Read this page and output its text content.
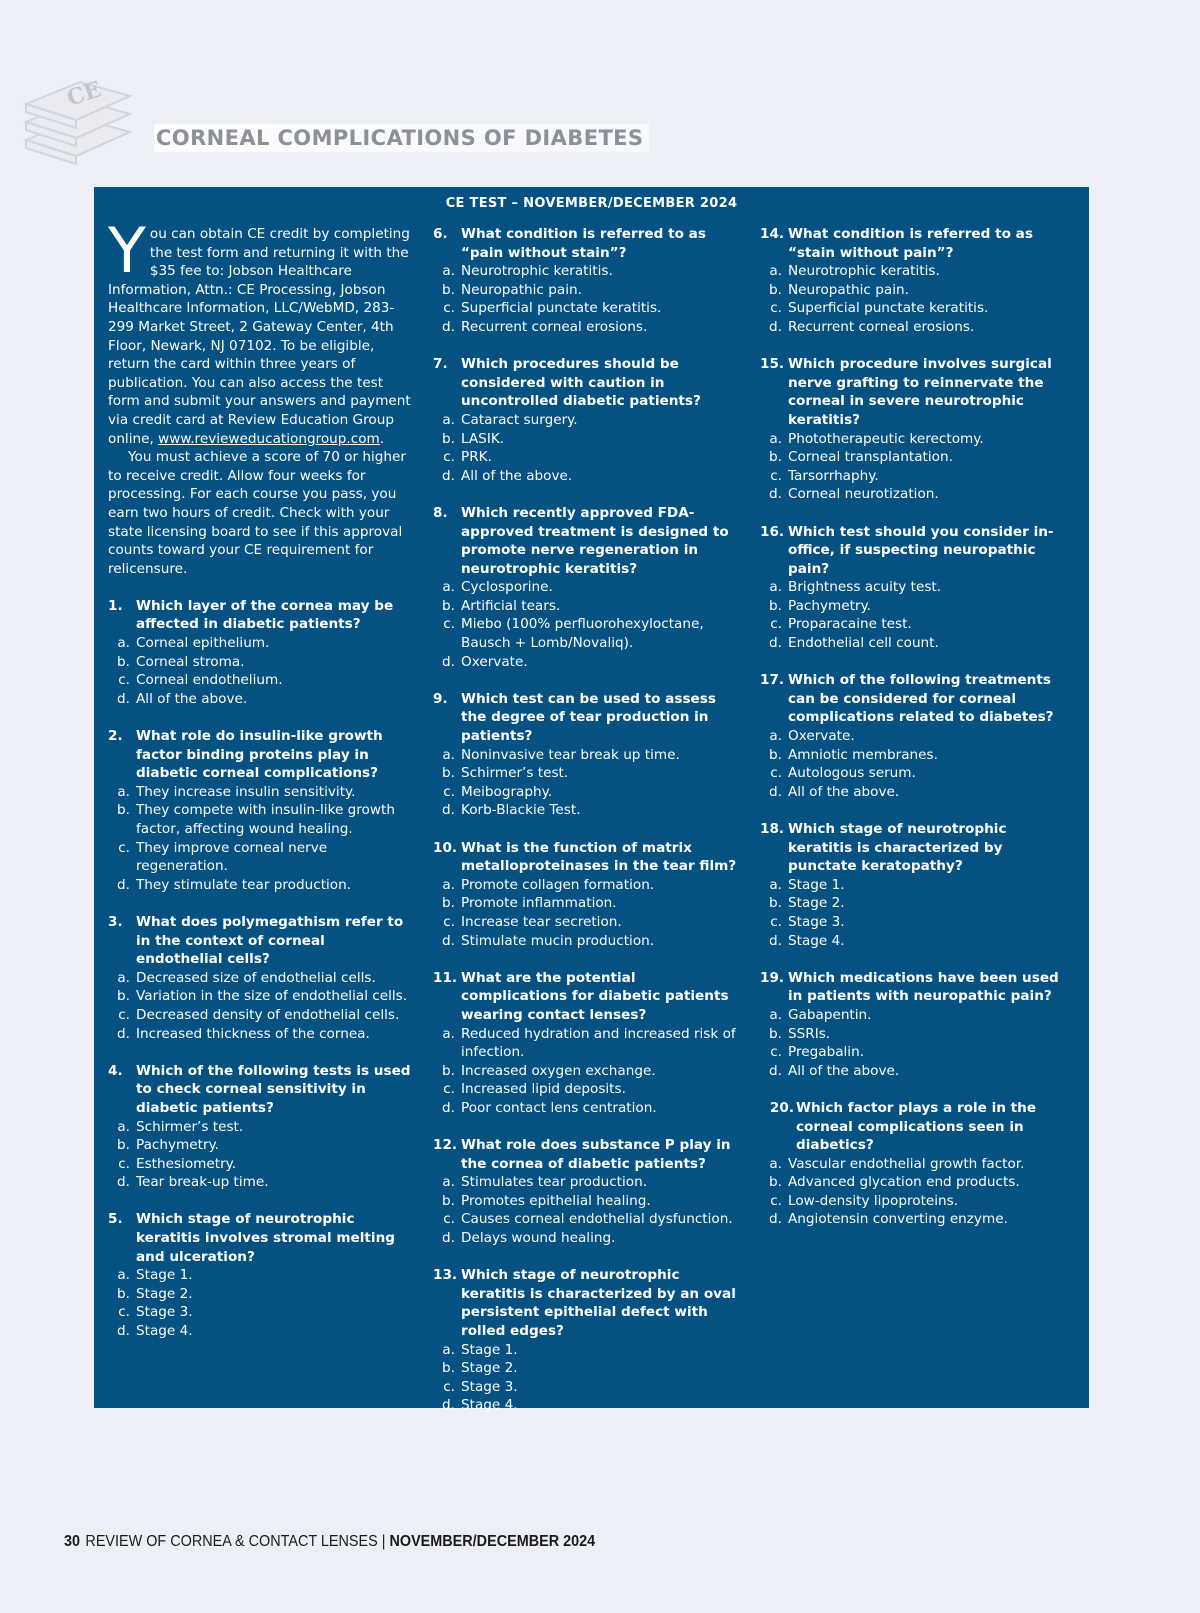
CE
CORNEAL COMPLICATIONS OF DIABETES
CE TEST – NOVEMBER/DECEMBER 2024

You can obtain CE credit by completing the test form and returning it with the $35 fee to: Jobson Healthcare Information, Attn.: CE Processing, Jobson Healthcare Information, LLC/WebMD, 283-299 Market Street, 2 Gateway Center, 4th Floor, Newark, NJ 07102. To be eligible, return the card within three years of publication. You can also access the test form and submit your answers and payment via credit card at Review Education Group online, www.revieweducationgroup.com.

You must achieve a score of 70 or higher to receive credit. Allow four weeks for processing. For each course you pass, you earn two hours of credit. Check with your state licensing board to see if this approval counts toward your CE requirement for relicensure.

1. Which layer of the cornea may be affected in diabetic patients?
a. Corneal epithelium.
b. Corneal stroma.
c. Corneal endothelium.
d. All of the above.
2. What role do insulin-like growth factor binding proteins play in diabetic corneal complications?
a. They increase insulin sensitivity.
b. They compete with insulin-like growth factor, affecting wound healing.
c. They improve corneal nerve regeneration.
d. They stimulate tear production.
3. What does polymegathism refer to in the context of corneal endothelial cells?
a. Decreased size of endothelial cells.
b. Variation in the size of endothelial cells.
c. Decreased density of endothelial cells.
d. Increased thickness of the cornea.
4. Which of the following tests is used to check corneal sensitivity in diabetic patients?
a. Schirmer’s test.
b. Pachymetry.
c. Esthesiometry.
d. Tear break-up time.
5. Which stage of neurotrophic keratitis involves stromal melting and ulceration?
a. Stage 1.
b. Stage 2.
c. Stage 3.
d. Stage 4.
6. What condition is referred to as “pain without stain”?
a. Neurotrophic keratitis.
b. Neuropathic pain.
c. Superficial punctate keratitis.
d. Recurrent corneal erosions.
7. Which procedures should be considered with caution in uncontrolled diabetic patients?
a. Cataract surgery.
b. LASIK.
c. PRK.
d. All of the above.
8. Which recently approved FDA-approved treatment is designed to promote nerve regeneration in neurotrophic keratitis?
a. Cyclosporine.
b. Artificial tears.
c. Miebo (100% perfluorohexyloctane, Bausch + Lomb/Novaliq).
d. Oxervate.
9. Which test can be used to assess the degree of tear production in patients?
a. Noninvasive tear break up time.
b. Schirmer’s test.
c. Meibography.
d. Korb-Blackie Test.
10. What is the function of matrix metalloproteinases in the tear film?
a. Promote collagen formation.
b. Promote inflammation.
c. Increase tear secretion.
d. Stimulate mucin production.
11. What are the potential complications for diabetic patients wearing contact lenses?
a. Reduced hydration and increased risk of infection.
b. Increased oxygen exchange.
c. Increased lipid deposits.
d. Poor contact lens centration.
12. What role does substance P play in the cornea of diabetic patients?
a. Stimulates tear production.
b. Promotes epithelial healing.
c. Causes corneal endothelial dysfunction.
d. Delays wound healing.
13. Which stage of neurotrophic keratitis is characterized by an oval persistent epithelial defect with rolled edges?
a. Stage 1.
b. Stage 2.
c. Stage 3.
d. Stage 4.
14. What condition is referred to as “stain without pain”?
a. Neurotrophic keratitis.
b. Neuropathic pain.
c. Superficial punctate keratitis.
d. Recurrent corneal erosions.
15. Which procedure involves surgical nerve grafting to reinnervate the corneal in severe neurotrophic keratitis?
a. Phototherapeutic kerectomy.
b. Corneal transplantation.
c. Tarsorrhaphy.
d. Corneal neurotization.
16. Which test should you consider in-office, if suspecting neuropathic pain?
a. Brightness acuity test.
b. Pachymetry.
c. Proparacaine test.
d. Endothelial cell count.
17. Which of the following treatments can be considered for corneal complications related to diabetes?
a. Oxervate.
b. Amniotic membranes.
c. Autologous serum.
d. All of the above.
18. Which stage of neurotrophic keratitis is characterized by punctate keratopathy?
a. Stage 1.
b. Stage 2.
c. Stage 3.
d. Stage 4.
19. Which medications have been used in patients with neuropathic pain?
a. Gabapentin.
b. SSRIs.
c. Pregabalin.
d. All of the above.
20. Which factor plays a role in the corneal complications seen in diabetics?
a. Vascular endothelial growth factor.
b. Advanced glycation end products.
c. Low-density lipoproteins.
d. Angiotensin converting enzyme.
30 REVIEW OF CORNEA & CONTACT LENSES | NOVEMBER/DECEMBER 2024
